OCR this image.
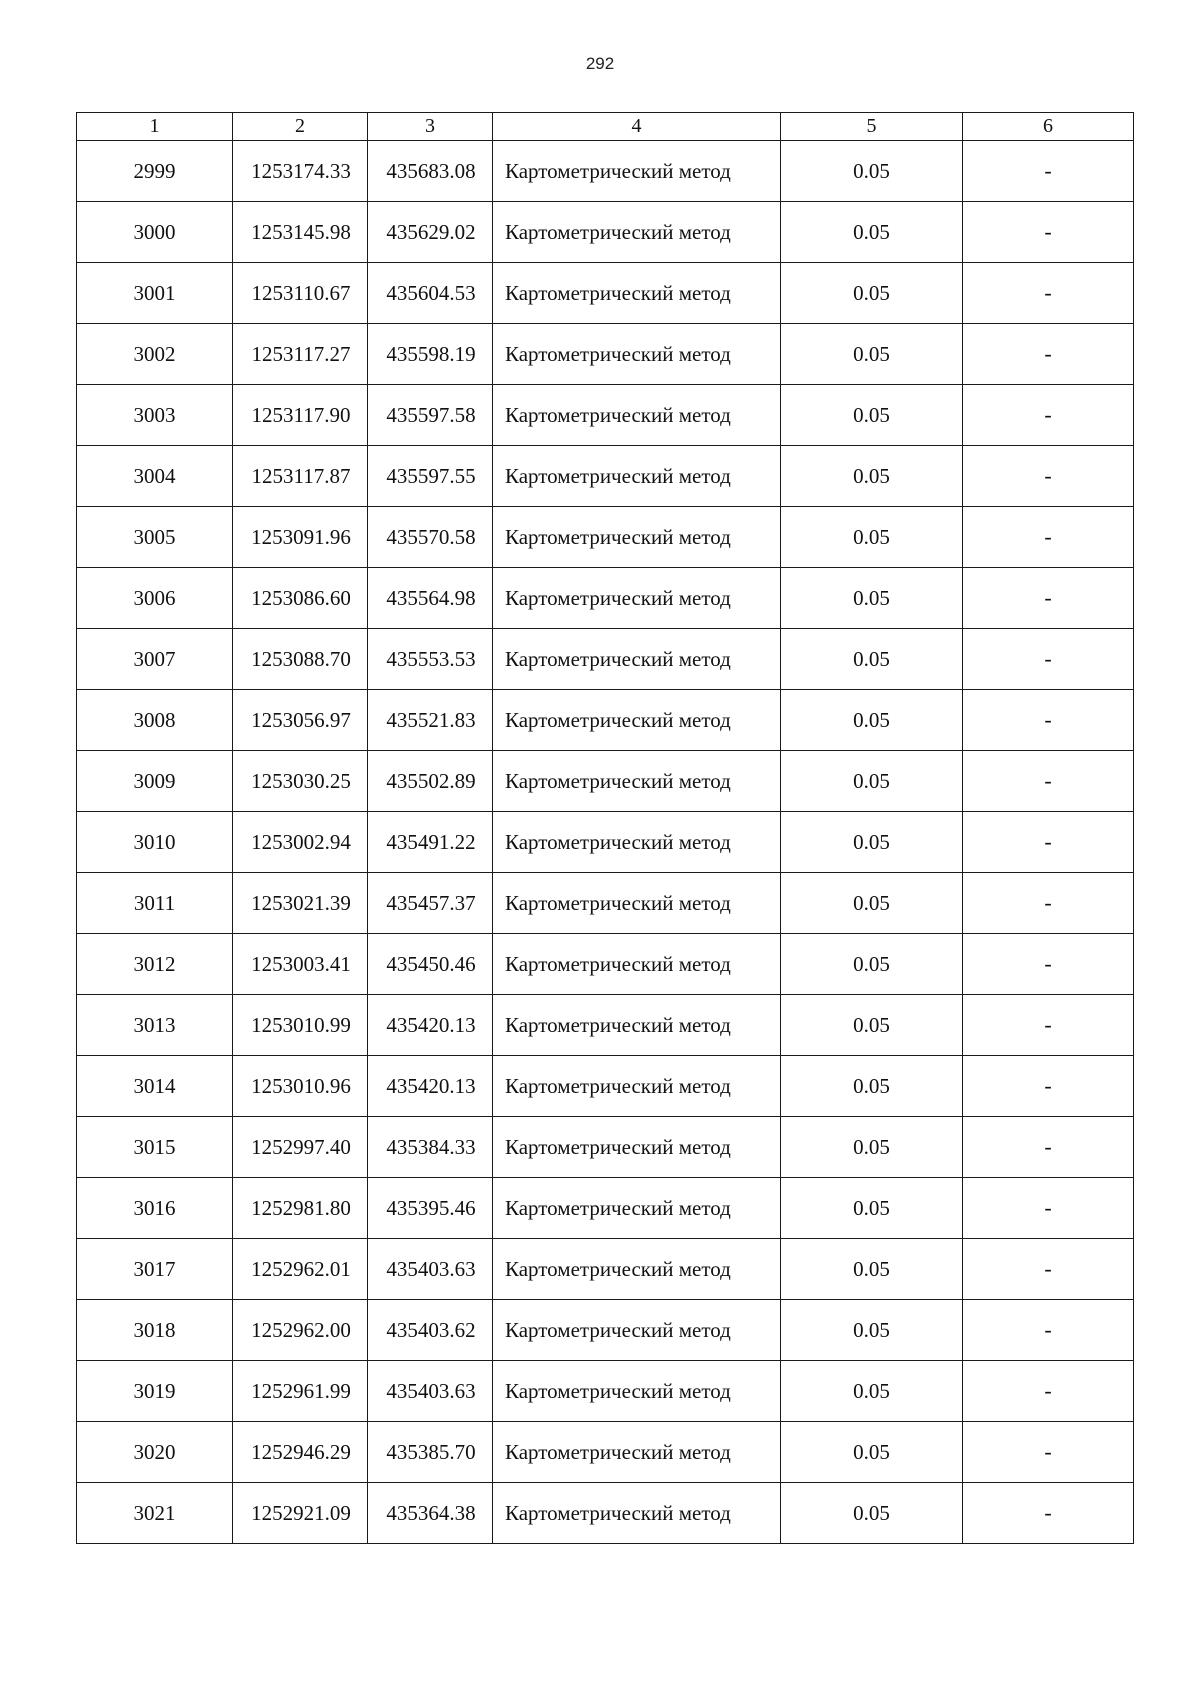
292
1	2	3	4	5	6
2999	1253174.33	435683.08	Картометрический метод	0.05	-
3000	1253145.98	435629.02	Картометрический метод	0.05	-
3001	1253110.67	435604.53	Картометрический метод	0.05	-
3002	1253117.27	435598.19	Картометрический метод	0.05	-
3003	1253117.90	435597.58	Картометрический метод	0.05	-
3004	1253117.87	435597.55	Картометрический метод	0.05	-
3005	1253091.96	435570.58	Картометрический метод	0.05	-
3006	1253086.60	435564.98	Картометрический метод	0.05	-
3007	1253088.70	435553.53	Картометрический метод	0.05	-
3008	1253056.97	435521.83	Картометрический метод	0.05	-
3009	1253030.25	435502.89	Картометрический метод	0.05	-
3010	1253002.94	435491.22	Картометрический метод	0.05	-
3011	1253021.39	435457.37	Картометрический метод	0.05	-
3012	1253003.41	435450.46	Картометрический метод	0.05	-
3013	1253010.99	435420.13	Картометрический метод	0.05	-
3014	1253010.96	435420.13	Картометрический метод	0.05	-
3015	1252997.40	435384.33	Картометрический метод	0.05	-
3016	1252981.80	435395.46	Картометрический метод	0.05	-
3017	1252962.01	435403.63	Картометрический метод	0.05	-
3018	1252962.00	435403.62	Картометрический метод	0.05	-
3019	1252961.99	435403.63	Картометрический метод	0.05	-
3020	1252946.29	435385.70	Картометрический метод	0.05	-
3021	1252921.09	435364.38	Картометрический метод	0.05	-
